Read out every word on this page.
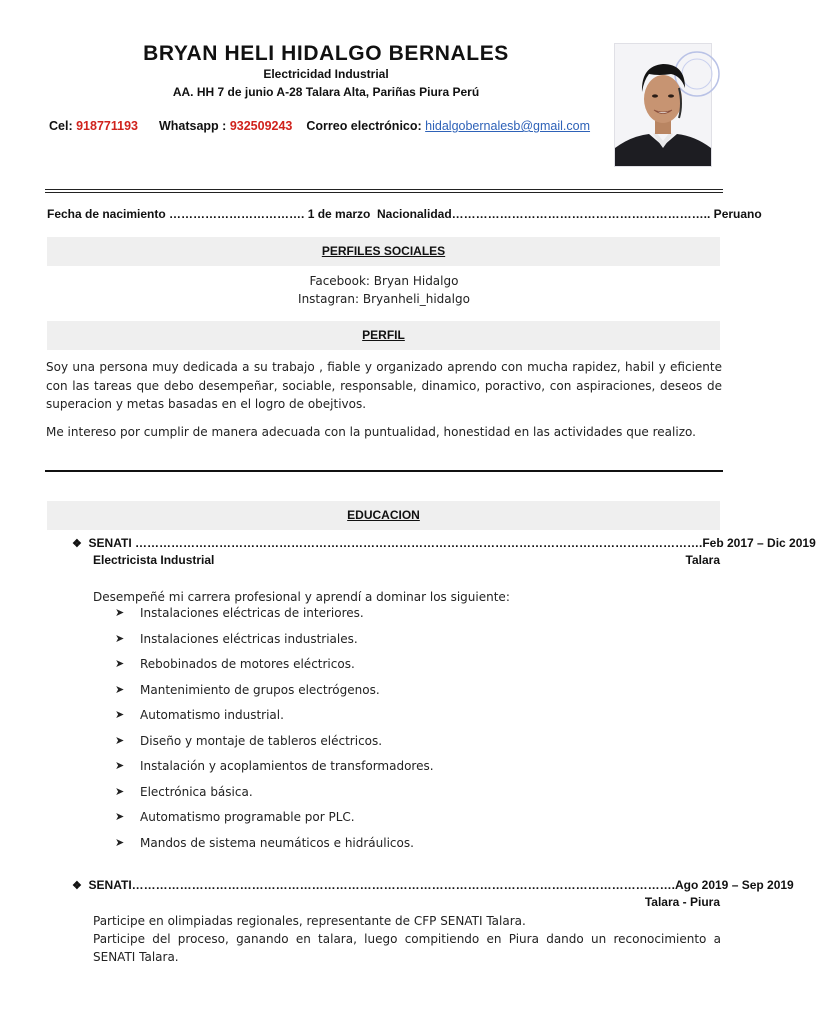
BRYAN HELI HIDALGO BERNALES
Electricidad Industrial
AA. HH 7 de junio A-28 Talara Alta, Pariñas Piura Perú
Cel: 918771193 Whatsapp : 932509243 Correo electrónico: hidalgobernalesb@gmail.com
Fecha de nacimiento ……………………………. 1 de marzo Nacionalidad……………………………………………………….. Peruano
PERFILES SOCIALES
Facebook: Bryan Hidalgo
Instagran: Bryanheli_hidalgo
PERFIL
Soy una persona muy dedicada a su trabajo , fiable y organizado aprendo con mucha rapidez, habil y eficiente con las tareas que debo desempeñar, sociable, responsable, dinamico, poractivo, con aspiraciones, deseos de superacion y metas basadas en el logro de obejtivos.
Me intereso por cumplir de manera adecuada con la puntualidad, honestidad en las actividades que realizo.
EDUCACION
❖ SENATI ……………………………………………………………………………………………………………………………. Feb 2017 – Dic 2019
Electricista Industrial	Talara
Desempeñé mi carrera profesional y aprendí a dominar los siguiente:
➤	Instalaciones eléctricas de interiores.
➤	Instalaciones eléctricas industriales.
➤	Rebobinados de motores eléctricos.
➤	Mantenimiento de grupos electrógenos.
➤	Automatismo industrial.
➤	Diseño y montaje de tableros eléctricos.
➤	Instalación y acoplamientos de transformadores.
➤	Electrónica básica.
➤	Automatismo programable por PLC.
➤	Mandos de sistema neumáticos e hidráulicos.
❖ SENATI………………………………………………………………………………………………………………………. Ago 2019 – Sep 2019
Talara - Piura
Participe en olimpiadas regionales, representante de CFP SENATI Talara.
Participe del proceso, ganando en talara, luego compitiendo en Piura dando un reconocimiento a SENATI Talara.
